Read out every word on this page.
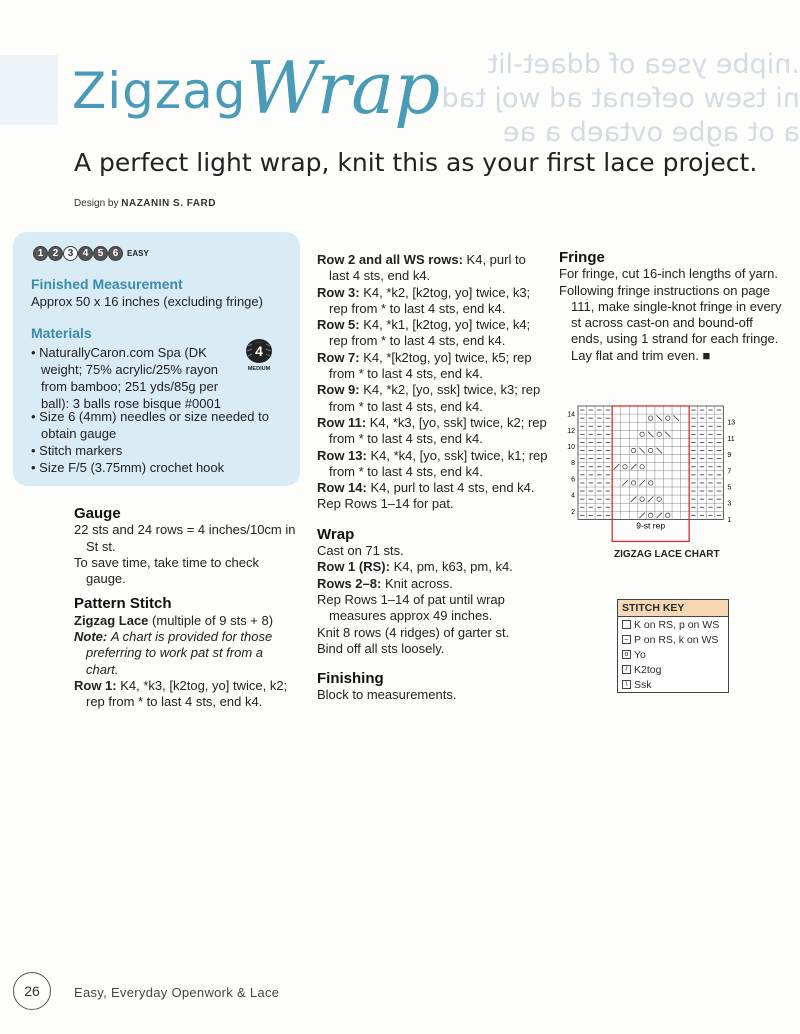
.nipbe ysea of ddaet-lit
ni tsew oefenat ad woj tad
a ot agbe ovtaeb a ae
Zigzag Wrap
A perfect light wrap, knit this as your first lace project.
Design by NAZANIN S. FARD
1 2 3 4 5 6	EASY
Finished Measurement
Approx 50 x 16 inches (excluding fringe)
Materials
• NaturallyCaron.com Spa (DK weight; 75% acrylic/25% rayon from bamboo; 251 yds/85g per ball): 3 balls rose bisque #0001
• Size 6 (4mm) needles or size needed to obtain gauge
• Stitch markers
• Size F/5 (3.75mm) crochet hook
4
MEDIUM
Gauge

22 sts and 24 rows = 4 inches/10cm in St st.

To save time, take time to check gauge.

Pattern Stitch

Zigzag Lace (multiple of 9 sts + 8)

Note: A chart is provided for those preferring to work pat st from a chart.

Row 1: K4, *k3, [k2tog, yo] twice, k2; rep from * to last 4 sts, end k4.

Row 2 and all WS rows: K4, purl to last 4 sts, end k4.

Row 3: K4, *k2, [k2tog, yo] twice, k3; rep from * to last 4 sts, end k4.

Row 5: K4, *k1, [k2tog, yo] twice, k4; rep from * to last 4 sts, end k4.

Row 7: K4, *[k2tog, yo] twice, k5; rep from * to last 4 sts, end k4.

Row 9: K4, *k2, [yo, ssk] twice, k3; rep from * to last 4 sts, end k4.

Row 11: K4, *k3, [yo, ssk] twice, k2; rep from * to last 4 sts, end k4.

Row 13: K4, *k4, [yo, ssk] twice, k1; rep from * to last 4 sts, end k4.

Row 14: K4, purl to last 4 sts, end k4.

Rep Rows 1–14 for pat.

Wrap

Cast on 71 sts.

Row 1 (RS): K4, pm, k63, pm, k4.

Rows 2–8: Knit across.

Rep Rows 1–14 of pat until wrap measures approx 49 inches.

Knit 8 rows (4 ridges) of garter st.

Bind off all sts loosely.

Finishing

Block to measurements.

Fringe

For fringe, cut 16-inch lengths of yarn.

Following fringe instructions on page 111, make single-knot fringe in every st across cast-on and bound-off ends, using 1 strand for each fringe. Lay flat and trim even. ■

14
12
10
8
6
4
2
13
11
9
7
5
3
1
9-st rep
ZIGZAG LACE CHART
STITCH KEY
K on RS, p on WS
– P on RS, k on WS
o Yo
/ K2tog
\ Ssk
26	Easy, Everyday Openwork & Lace
